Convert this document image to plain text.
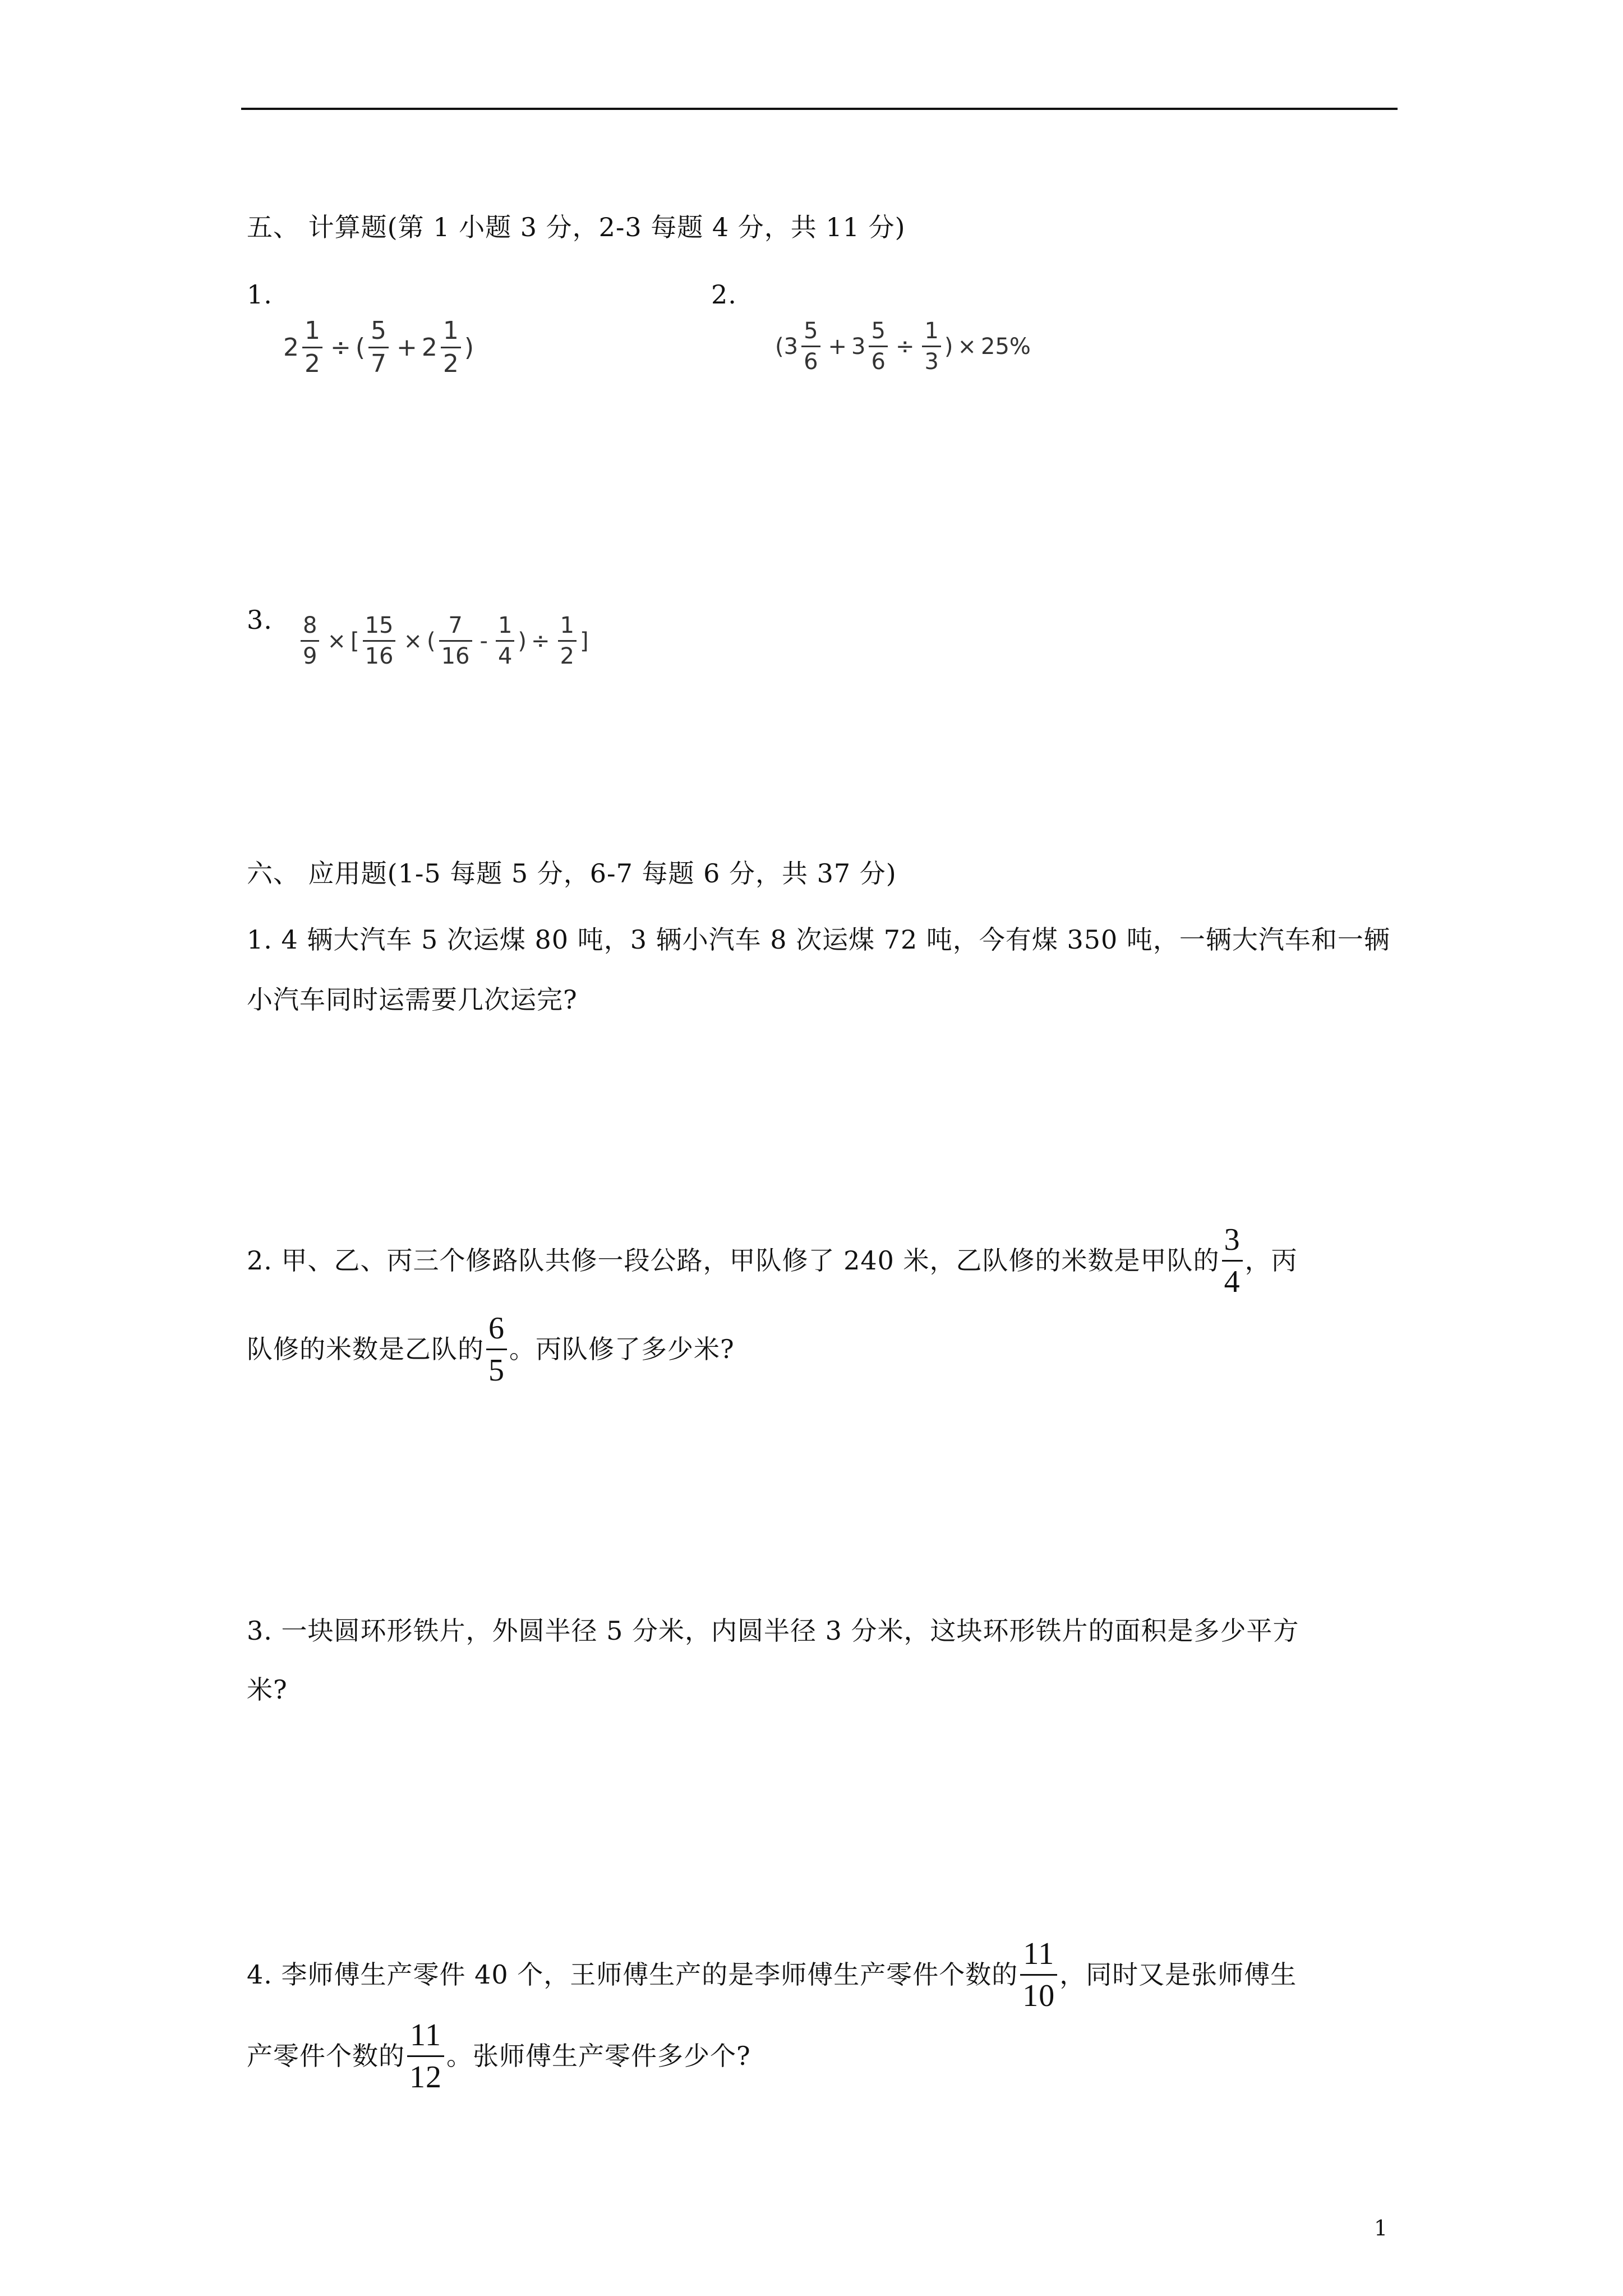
五、 计算题(第 1 小题 3 分，2-3 每题 4 分，共 11 分)
1.
$2 \frac{1}{2}$ ÷ ( $\frac{5}{7} + 2 \frac{1}{2}$ )
2.
( $3 \frac{5}{6} + 3 \frac{5}{6} \div \frac{1}{3}$ ) × 25%
3. $\frac{8}{9}$ × [ $\frac{15}{16}$ × ( $\frac{7}{16} - \frac{1}{4}$ ) ÷ $\frac{1}{2}$ ]
六、 应用题(1-5 每题 5 分，6-7 每题 6 分，共 37 分)
1. 4 辆大汽车 5 次运煤 80 吨，3 辆小汽车 8 次运煤 72 吨，今有煤 350 吨，一辆大汽车和一辆
小汽车同时运需要几次运完?
2. 甲、乙、丙三个修路队共修一段公路，甲队修了 240 米，乙队修的米数是甲队的 $\frac{3}{4}$ ，丙
队修的米数是乙队的 $\frac{6}{5}$ 。丙队修了多少米?
3. 一块圆环形铁片，外圆半径 5 分米，内圆半径 3 分米，这块环形铁片的面积是多少平方
米?
4. 李师傅生产零件 40 个，王师傅生产的是李师傅生产零件个数的 $\frac{11}{10}$ ，同时又是张师傅生
产零件个数的 $\frac{11}{12}$ 。张师傅生产零件多少个?
1
